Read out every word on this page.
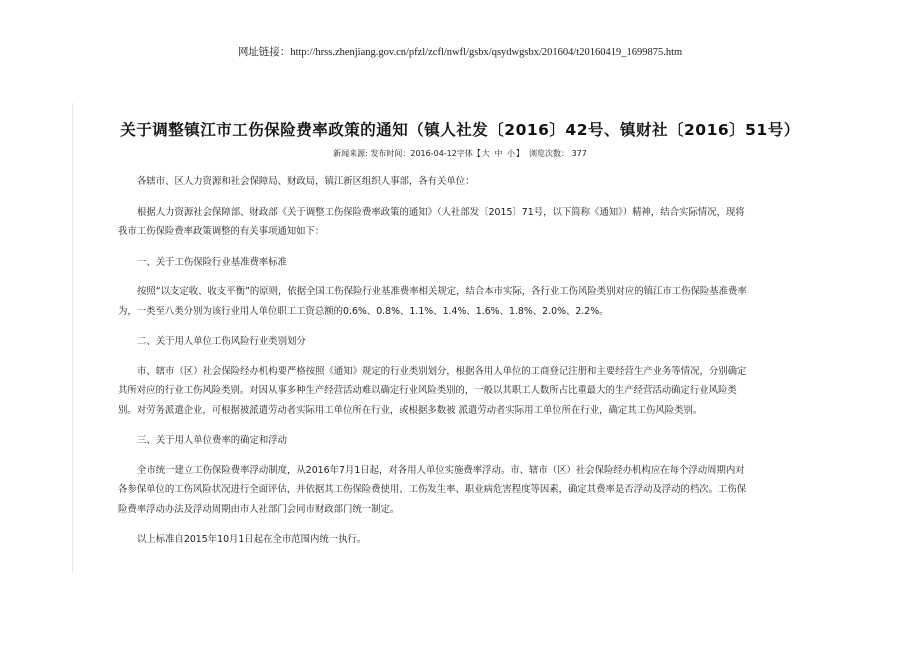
网址链接：http://hrss.zhenjiang.gov.cn/pfzl/zcfl/nwfl/gsbx/qsydwgsbx/201604/t20160419_1699875.htm
关于调整镇江市工伤保险费率政策的通知（镇人社发〔2016〕42号、镇财社〔2016〕51号）
新闻来源: 发布时间：2016-04-12字体【大 中 小】 浏览次数： 377

各辖市、区人力资源和社会保障局、财政局，镇江新区组织人事部，各有关单位：

根据人力资源社会保障部、财政部《关于调整工伤保险费率政策的通知》（人社部发〔2015〕71号，以下简称《通知》）精神，结合实际情况，现将我市工伤保险费率政策调整的有关事项通知如下：

一、关于工伤保险行业基准费率标准

按照“以支定收、收支平衡”的原则，依据全国工伤保险行业基准费率相关规定，结合本市实际，各行业工伤风险类别对应的镇江市工伤保险基准费率为，一类至八类分别为该行业用人单位职工工资总额的0.6%、0.8%、1.1%、1.4%、1.6%、1.8%、2.0%、2.2%。

二、关于用人单位工伤风险行业类别划分

市、辖市（区）社会保险经办机构要严格按照《通知》规定的行业类别划分，根据各用人单位的工商登记注册和主要经营生产业务等情况，分别确定其所对应的行业工伤风险类别。对因从事多种生产经营活动难以确定行业风险类别的，一般以其职工人数所占比重最大的生产经营活动确定行业风险类别。对劳务派遣企业，可根据被派遣劳动者实际用工单位所在行业，或根据多数被 派遣劳动者实际用工单位所在行业，确定其工伤风险类别。

三、关于用人单位费率的确定和浮动

全市统一建立工伤保险费率浮动制度，从2016年7月1日起，对各用人单位实施费率浮动。市、辖市（区）社会保险经办机构应在每个浮动周期内对各参保单位的工伤风险状况进行全面评估，并依据其工伤保险费使用、工伤发生率、职业病危害程度等因素，确定其费率是否浮动及浮动的档次。工伤保险费率浮动办法及浮动周期由市人社部门会同市财政部门统一制定。

以上标准自2015年10月1日起在全市范围内统一执行。
